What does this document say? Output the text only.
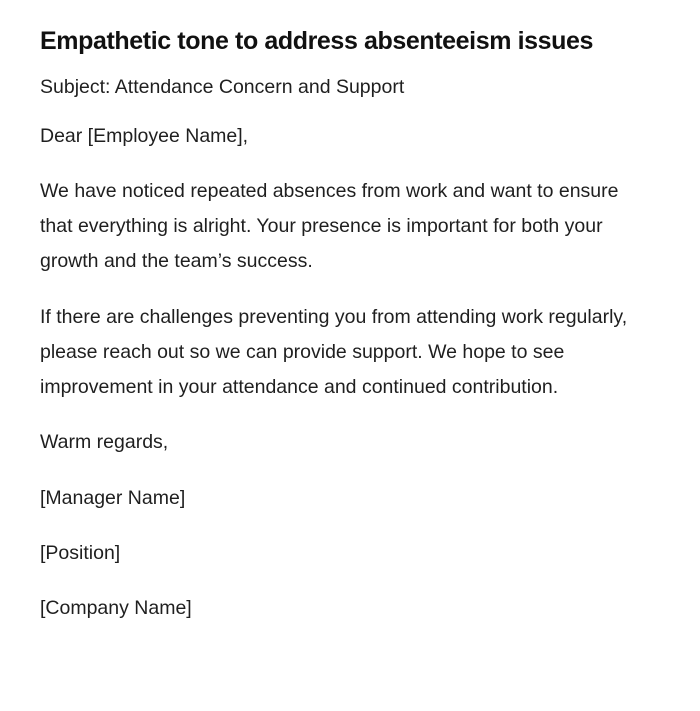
Empathetic tone to address absenteeism issues

Subject: Attendance Concern and Support

Dear [Employee Name],

We have noticed repeated absences from work and want to ensure that everything is alright. Your presence is important for both your growth and the team’s success.

If there are challenges preventing you from attending work regularly, please reach out so we can provide support. We hope to see improvement in your attendance and continued contribution.

Warm regards,

[Manager Name]

[Position]

[Company Name]
